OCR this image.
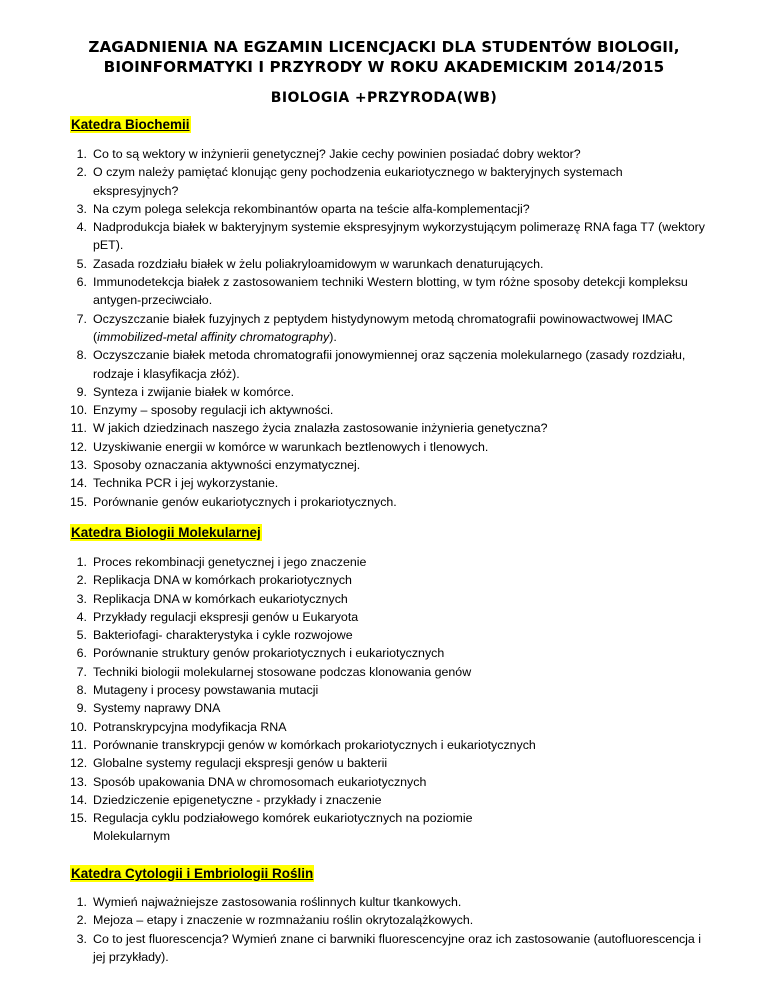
ZAGADNIENIA NA EGZAMIN LICENCJACKI DLA STUDENTÓW BIOLOGII,
BIOINFORMATYKI I PRZYRODY W ROKU AKADEMICKIM 2014/2015
BIOLOGIA +PRZYRODA(WB)
Katedra Biochemii
1. Co to są wektory w inżynierii genetycznej? Jakie cechy powinien posiadać dobry wektor?
2. O czym należy pamiętać klonując geny pochodzenia eukariotycznego w bakteryjnych systemach ekspresyjnych?
3. Na czym polega selekcja rekombinantów oparta na teście alfa-komplementacji?
4. Nadprodukcja białek w bakteryjnym systemie ekspresyjnym wykorzystującym polimerazę RNA faga T7 (wektory pET).
5. Zasada rozdziału białek w żelu poliakryloamidowym w warunkach denaturujących.
6. Immunodetekcja białek z zastosowaniem techniki Western blotting, w tym różne sposoby detekcji kompleksu antygen-przeciwciało.
7. Oczyszczanie białek fuzyjnych z peptydem histydynowym metodą chromatografii powinowactwowej IMAC (immobilized-metal affinity chromatography).
8. Oczyszczanie białek metoda chromatografii jonowymiennej oraz sączenia molekularnego (zasady rozdziału, rodzaje i klasyfikacja złóż).
9. Synteza i zwijanie białek w komórce.
10. Enzymy – sposoby regulacji ich aktywności.
11. W jakich dziedzinach naszego życia znalazła zastosowanie inżynieria genetyczna?
12. Uzyskiwanie energii w komórce w warunkach beztlenowych i tlenowych.
13. Sposoby oznaczania aktywności enzymatycznej.
14. Technika PCR i jej wykorzystanie.
15. Porównanie genów eukariotycznych i prokariotycznych.
Katedra Biologii Molekularnej
1. Proces rekombinacji genetycznej i jego znaczenie
2. Replikacja DNA w komórkach prokariotycznych
3. Replikacja DNA w komórkach eukariotycznych
4. Przykłady regulacji ekspresji genów u Eukaryota
5. Bakteriofagi- charakterystyka i cykle rozwojowe
6. Porównanie struktury genów prokariotycznych i eukariotycznych
7. Techniki biologii molekularnej stosowane podczas klonowania genów
8. Mutageny i procesy powstawania mutacji
9. Systemy naprawy DNA
10. Potranskrypcyjna modyfikacja RNA
11. Porównanie transkrypcji genów w komórkach prokariotycznych i eukariotycznych
12. Globalne systemy regulacji ekspresji genów u bakterii
13. Sposób upakowania DNA w chromosomach eukariotycznych
14. Dziedziczenie epigenetyczne - przykłady i znaczenie
15. Regulacja cyklu podziałowego komórek eukariotycznych na poziomie Molekularnym
Katedra Cytologii i Embriologii Roślin
1. Wymień najważniejsze zastosowania roślinnych kultur tkankowych.
2. Mejoza – etapy i znaczenie w rozmnażaniu roślin okrytozalążkowych.
3. Co to jest fluorescencja? Wymień znane ci barwniki fluorescencyjne oraz ich zastosowanie (autofluorescencja i jej przykłady).
